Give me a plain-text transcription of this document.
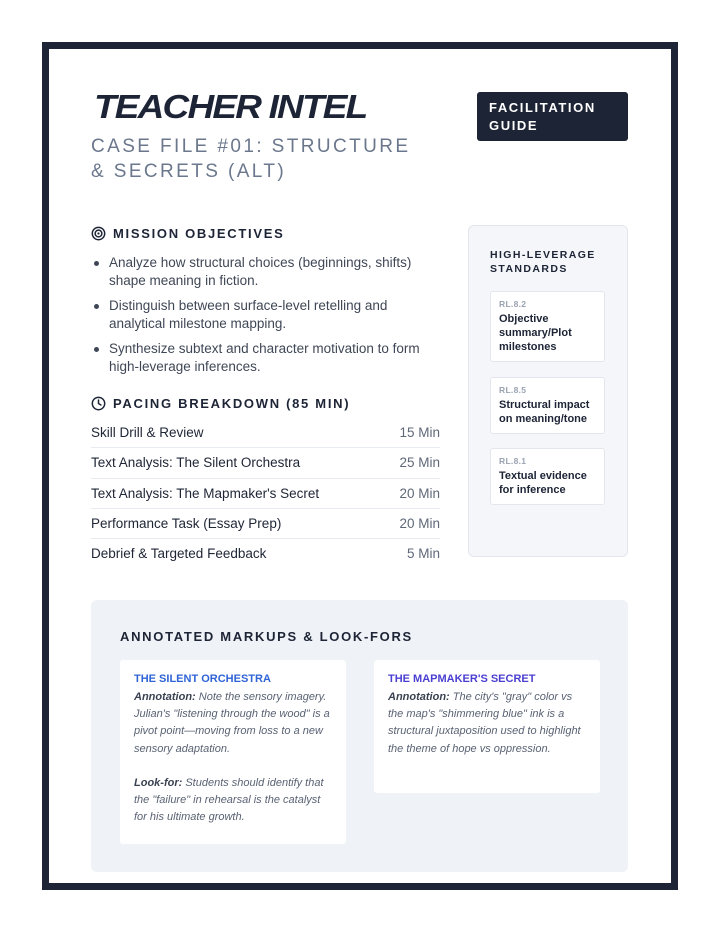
TEACHER INTEL
CASE FILE #01: STRUCTURE & SECRETS (ALT)
FACILITATION GUIDE
MISSION OBJECTIVES
Analyze how structural choices (beginnings, shifts) shape meaning in fiction.
Distinguish between surface-level retelling and analytical milestone mapping.
Synthesize subtext and character motivation to form high-leverage inferences.
PACING BREAKDOWN (85 MIN)
Skill Drill & Review	15 Min
Text Analysis: The Silent Orchestra	25 Min
Text Analysis: The Mapmaker's Secret	20 Min
Performance Task (Essay Prep)	20 Min
Debrief & Targeted Feedback	5 Min
HIGH-LEVERAGE STANDARDS
RL.8.2
Objective summary/Plot milestones
RL.8.5
Structural impact on meaning/tone
RL.8.1
Textual evidence for inference
ANNOTATED MARKUPS & LOOK-FORS
THE SILENT ORCHESTRA

Annotation: Note the sensory imagery. Julian's "listening through the wood" is a pivot point—moving from loss to a new sensory adaptation.

Look-for: Students should identify that the "failure" in rehearsal is the catalyst for his ultimate growth.

THE MAPMAKER'S SECRET

Annotation: The city's "gray" color vs the map's "shimmering blue" ink is a structural juxtaposition used to highlight the theme of hope vs oppression.
